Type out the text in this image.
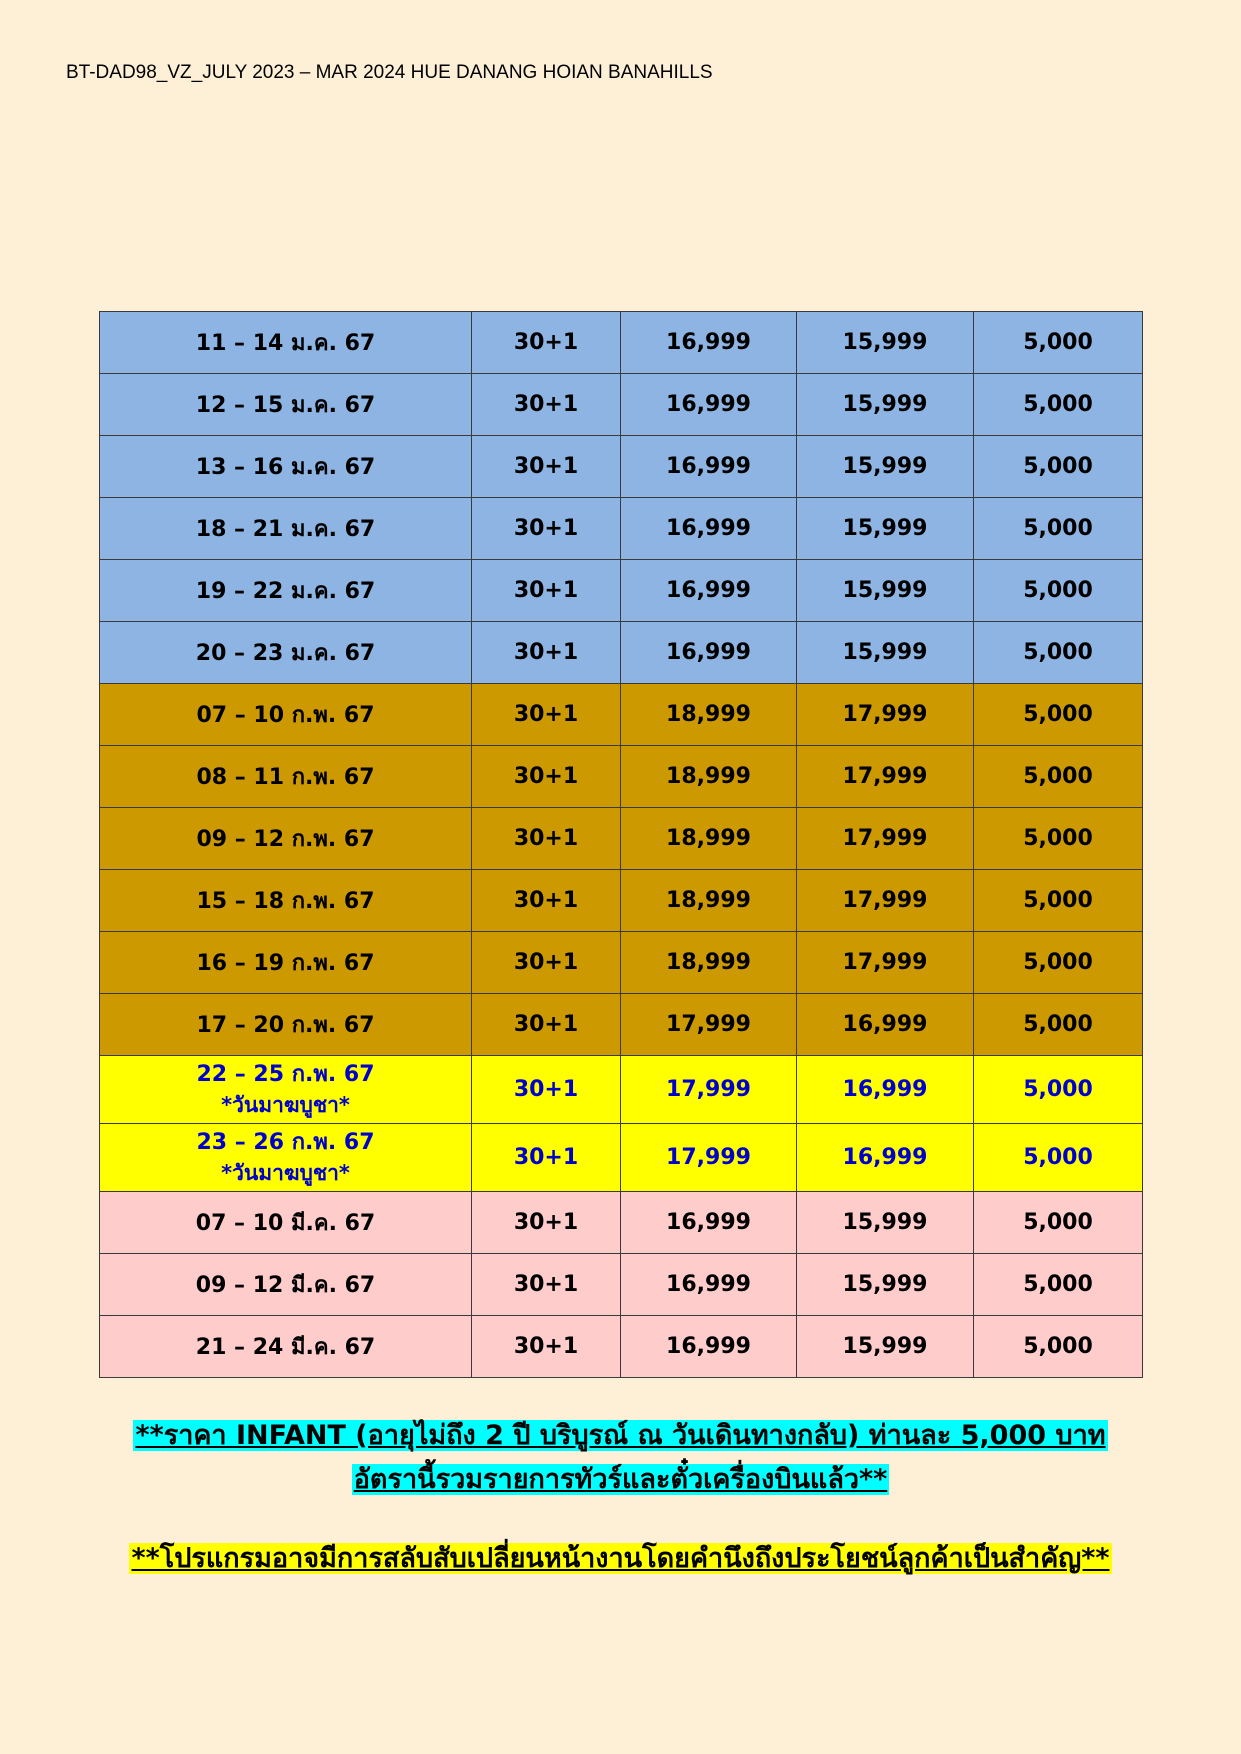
BT-DAD98_VZ_JULY 2023 – MAR 2024 HUE DANANG HOIAN BANAHILLS
11 – 14 ม.ค. 67	30+1	16,999	15,999	5,000
12 – 15 ม.ค. 67	30+1	16,999	15,999	5,000
13 – 16 ม.ค. 67	30+1	16,999	15,999	5,000
18 – 21 ม.ค. 67	30+1	16,999	15,999	5,000
19 – 22 ม.ค. 67	30+1	16,999	15,999	5,000
20 – 23 ม.ค. 67	30+1	16,999	15,999	5,000
07 – 10 ก.พ. 67	30+1	18,999	17,999	5,000
08 – 11 ก.พ. 67	30+1	18,999	17,999	5,000
09 – 12 ก.พ. 67	30+1	18,999	17,999	5,000
15 – 18 ก.พ. 67	30+1	18,999	17,999	5,000
16 – 19 ก.พ. 67	30+1	18,999	17,999	5,000
17 – 20 ก.พ. 67	30+1	17,999	16,999	5,000
22 – 25 ก.พ. 67
*วันมาฆบูชา*	30+1	17,999	16,999	5,000
23 – 26 ก.พ. 67
*วันมาฆบูชา*	30+1	17,999	16,999	5,000
07 – 10 มี.ค. 67	30+1	16,999	15,999	5,000
09 – 12 มี.ค. 67	30+1	16,999	15,999	5,000
21 – 24 มี.ค. 67	30+1	16,999	15,999	5,000
**ราคา INFANT (อายุไม่ถึง 2 ปี บริบูรณ์ ณ วันเดินทางกลับ) ท่านละ 5,000 บาท
อัตรานี้รวมรายการทัวร์และตั๋วเครื่องบินแล้ว**
**โปรแกรมอาจมีการสลับสับเปลี่ยนหน้างานโดยคำนึงถึงประโยชน์ลูกค้าเป็นสำคัญ**
